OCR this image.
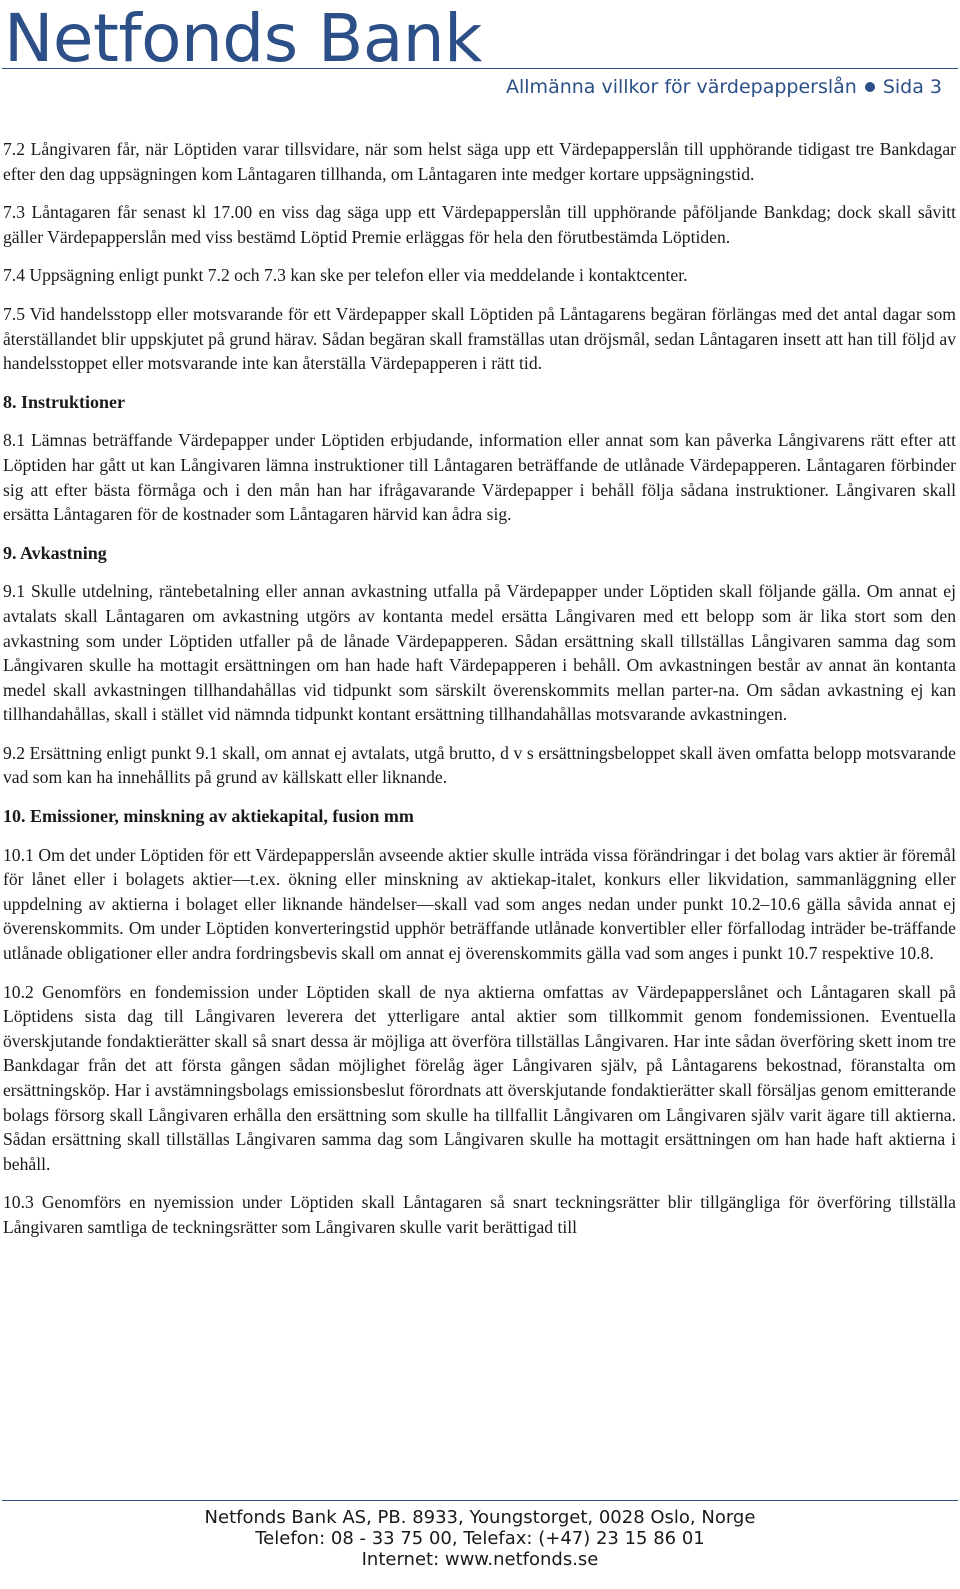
Netfonds Bank
Allmänna villkor för värdepapperslån Sida 3

7.2 Långivaren får, när Löptiden varar tillsvidare, när som helst säga upp ett Värdepapperslån till upphörande tidigast tre Bankdagar efter den dag uppsägningen kom Låntagaren tillhanda, om Låntagaren inte medger kortare uppsägningstid.

7.3 Låntagaren får senast kl 17.00 en viss dag säga upp ett Värdepapperslån till upphörande påföljande Bankdag; dock skall såvitt gäller Värdepapperslån med viss bestämd Löptid Premie erläggas för hela den förutbestämda Löptiden.

7.4 Uppsägning enligt punkt 7.2 och 7.3 kan ske per telefon eller via meddelande i kontaktcenter.

7.5 Vid handelsstopp eller motsvarande för ett Värdepapper skall Löptiden på Låntagarens begäran förlängas med det antal dagar som återställandet blir uppskjutet på grund härav. Sådan begäran skall framställas utan dröjsmål, sedan Låntagaren insett att han till följd av handelsstoppet eller motsvarande inte kan återställa Värdepapperen i rätt tid.

8. Instruktioner

8.1 Lämnas beträffande Värdepapper under Löptiden erbjudande, information eller annat som kan påverka Långivarens rätt efter att Löptiden har gått ut kan Långivaren lämna instruktioner till Låntagaren beträffande de utlånade Värdepapperen. Låntagaren förbinder sig att efter bästa förmåga och i den mån han har ifrågavarande Värdepapper i behåll följa sådana instruktioner. Långivaren skall ersätta Låntagaren för de kostnader som Låntagaren härvid kan ådra sig.

9. Avkastning

9.1 Skulle utdelning, räntebetalning eller annan avkastning utfalla på Värdepapper under Löptiden skall följande gälla. Om annat ej avtalats skall Låntagaren om avkastning utgörs av kontanta medel ersätta Långivaren med ett belopp som är lika stort som den avkastning som under Löptiden utfaller på de lånade Värdepapperen. Sådan ersättning skall tillställas Långivaren samma dag som Långivaren skulle ha mottagit ersättningen om han hade haft Värdepapperen i behåll. Om avkastningen består av annat än kontanta medel skall avkastningen tillhandahållas vid tidpunkt som särskilt överenskommits mellan parter-na. Om sådan avkastning ej kan tillhandahållas, skall i stället vid nämnda tidpunkt kontant ersättning tillhandahållas motsvarande avkastningen.

9.2 Ersättning enligt punkt 9.1 skall, om annat ej avtalats, utgå brutto, d v s ersättningsbeloppet skall även omfatta belopp motsvarande vad som kan ha innehållits på grund av källskatt eller liknande.

10. Emissioner, minskning av aktiekapital, fusion mm

10.1 Om det under Löptiden för ett Värdepapperslån avseende aktier skulle inträda vissa förändringar i det bolag vars aktier är föremål för lånet eller i bolagets aktier—t.ex. ökning eller minskning av aktiekap-italet, konkurs eller likvidation, sammanläggning eller uppdelning av aktierna i bolaget eller liknande händelser—skall vad som anges nedan under punkt 10.2–10.6 gälla såvida annat ej överenskommits. Om under Löptiden konverteringstid upphör beträffande utlånade konvertibler eller förfallodag inträder be-träffande utlånade obligationer eller andra fordringsbevis skall om annat ej överenskommits gälla vad som anges i punkt 10.7 respektive 10.8.

10.2 Genomförs en fondemission under Löptiden skall de nya aktierna omfattas av Värdepapperslånet och Låntagaren skall på Löptidens sista dag till Långivaren leverera det ytterligare antal aktier som tillkommit genom fondemissionen. Eventuella överskjutande fondaktierätter skall så snart dessa är möjliga att överföra tillställas Långivaren. Har inte sådan överföring skett inom tre Bankdagar från det att första gången sådan möjlighet förelåg äger Långivaren själv, på Låntagarens bekostnad, föranstalta om ersättningsköp. Har i avstämningsbolags emissionsbeslut förordnats att överskjutande fondaktierätter skall försäljas genom emitterande bolags försorg skall Långivaren erhålla den ersättning som skulle ha tillfallit Långivaren om Långivaren själv varit ägare till aktierna. Sådan ersättning skall tillställas Långivaren samma dag som Långivaren skulle ha mottagit ersättningen om han hade haft aktierna i behåll.

10.3 Genomförs en nyemission under Löptiden skall Låntagaren så snart teckningsrätter blir tillgängliga för överföring tillställa Långivaren samtliga de teckningsrätter som Långivaren skulle varit berättigad till

Netfonds Bank AS, PB. 8933, Youngstorget, 0028 Oslo, Norge
Telefon: 08 - 33 75 00, Telefax: (+47) 23 15 86 01
Internet: www.netfonds.se
